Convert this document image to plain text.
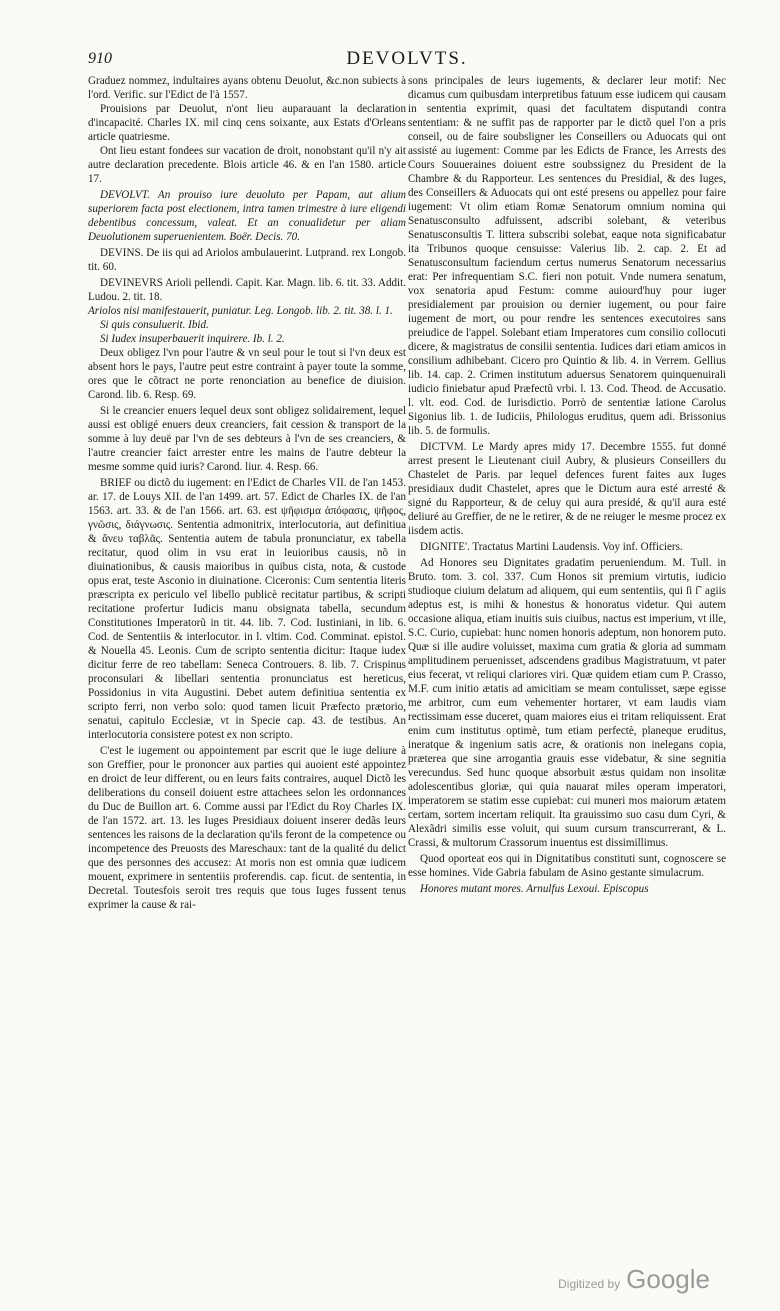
910	DEVOLVTS.

Graduez nommez, indultaires ayans obtenu Deuolut, &c.non subiects à l'ord. Verific. sur l'Edict de l'à 1557.

Prouisions par Deuolut, n'ont lieu auparauant la declaration d'incapacité. Charles IX. mil cinq cens soixante, aux Estats d'Orleans article quatriesme.

Ont lieu estant fondees sur vacation de droit, nonobstant qu'il n'y ait autre declaration precedente. Blois article 46. & en l'an 1580. article 17.

DEVOLVT. An prouiso iure deuoluto per Papam, aut alium superiorem facta post electionem, intra tamen trimestre à iure eligendi debentibus concessum, valeat. Et an conualidetur per aliam Deuolutionem superuenientem. Boër. Decis. 70.

DEVINS. De iis qui ad Ariolos ambulauerint. Lutprand. rex Longob. tit. 60.

DEVINEVRS Arioli pellendi. Capit. Kar. Magn. lib. 6. tit. 33. Addit. Ludou. 2. tit. 18.

Ariolos nisi manifestauerit, puniatur. Leg. Longob. lib. 2. tit. 38. l. 1.

Si quis consuluerit. Ibid.

Si Iudex insuperbauerit inquirere. Ib. l. 2.

Deux obligez l'vn pour l'autre & vn seul pour le tout si l'vn deux est absent hors le pays, l'autre peut estre contraint à payer toute la somme, ores que le cõtract ne porte renonciation au benefice de diuision. Carond. lib. 6. Resp. 69.

Si le creancier enuers lequel deux sont obligez solidairement, lequel aussi est obligé enuers deux creanciers, fait cession & transport de la somme à luy deuë par l'vn de ses debteurs à l'vn de ses creanciers, & l'autre creancier faict arrester entre les mains de l'autre debteur la mesme somme quid iuris? Carond. liur. 4. Resp. 66.

BRIEF ou dictõ du iugement: en l'Edict de Charles VII. de l'an 1453. ar. 17. de Louys XII. de l'an 1499. art. 57. Edict de Charles IX. de l'an 1563. art. 33. & de l'an 1566. art. 63. est ψῆφισμα ἀπόφασις, ψῆφος, γνῶσις, διάγνωσις. Sententia admonitrix, interlocutoria, aut definitiua & ἄνευ ταβλᾶς. Sententia autem de tabula pronunciatur, ex tabella recitatur, quod olim in vsu erat in leuioribus causis, nõ in diuinationibus, & causis maioribus in quibus cista, nota, & custode opus erat, teste Asconio in diuinatione. Ciceronis: Cum sententia literis præscripta ex periculo vel libello publicè recitatur partibus, & scripti recitatione profertur Iudicis manu obsignata tabella, secundum Constitutiones Imperatorũ in tit. 44. lib. 7. Cod. Iustiniani, in lib. 6. Cod. de Sententiis & interlocutor. in l. vltim. Cod. Comminat. epistol. & Nouella 45. Leonis. Cum de scripto sententia dicitur: Itaque iudex dicitur ferre de reo tabellam: Seneca Controuers. 8. lib. 7. Crispinus proconsulari & libellari sententia pronunciatus est hereticus, Possidonius in vita Augustini. Debet autem definitiua sententia ex scripto ferri, non verbo solo: quod tamen licuit Præfecto prætorio, senatui, capitulo Ecclesiæ, vt in Specie cap. 43. de testibus. An interlocutoria consistere potest ex non scripto.

C'est le iugement ou appointement par escrit que le iuge deliure à son Greffier, pour le prononcer aux parties qui auoient esté appointez en droict de leur different, ou en leurs faits contraires, auquel Dictõ les deliberations du conseil doiuent estre attachees selon les ordonnances du Duc de Buillon art. 6. Comme aussi par l'Edict du Roy Charles IX. de l'an 1572. art. 13. les Iuges Presidiaux doiuent inserer dedãs leurs sentences les raisons de la declaration qu'ils feront de la competence ou incompetence des Preuosts des Mareschaux: tant de la qualité du delict que des personnes des accusez: At moris non est omnia quæ iudicem mouent, exprimere in sententiis proferendis. cap. ficut. de sententia, in Decretal. Toutesfois seroit tres requis que tous Iuges fussent tenus exprimer la cause & rai-

sons principales de leurs iugements, & declarer leur motif: Nec dicamus cum quibusdam interpretibus fatuum esse iudicem qui causam in sententia exprimit, quasi det facultatem disputandi contra sententiam: & ne suffit pas de rapporter par le dictõ quel l'on a pris conseil, ou de faire soubsligner les Conseillers ou Aduocats qui ont assisté au iugement: Comme par les Edicts de France, les Arrests des Cours Souueraines doiuent estre soubssignez du President de la Chambre & du Rapporteur. Les sentences du Presidial, & des Iuges, des Conseillers & Aduocats qui ont esté presens ou appellez pour faire iugement: Vt olim etiam Romæ Senatorum omnium nomina qui Senatusconsulto adfuissent, adscribi solebant, & veteribus Senatusconsultis T. littera subscribi solebat, eaque nota significabatur ita Tribunos quoque censuisse: Valerius lib. 2. cap. 2. Et ad Senatusconsultum faciendum certus numerus Senatorum necessarius erat: Per infrequentiam S.C. fieri non potuit. Vnde numera senatum, vox senatoria apud Festum: comme auiourd'huy pour iuger presidialement par prouision ou dernier iugement, ou pour faire iugement de mort, ou pour rendre les sentences executoires sans preiudice de l'appel. Solebant etiam Imperatores cum consilio collocuti dicere, & magistratus de consilii sententia. Iudices dari etiam amicos in consilium adhibebant. Cicero pro Quintio & lib. 4. in Verrem. Gellius lib. 14. cap. 2. Crimen institutum aduersus Senatorem quinquenuirali iudicio finiebatur apud Præfectũ vrbi. l. 13. Cod. Theod. de Accusatio. l. vlt. eod. Cod. de Iurisdictio. Porrò de sententiæ latione Carolus Sigonius lib. 1. de Iudiciis, Philologus eruditus, quem adi. Brissonius lib. 5. de formulis.

DICTVM. Le Mardy apres midy 17. Decembre 1555. fut donné arrest present le Lieutenant ciuil Aubry, & plusieurs Conseillers du Chastelet de Paris. par lequel defences furent faites aux Iuges presidiaux dudit Chastelet, apres que le Dictum aura esté arresté & signé du Rapporteur, & de celuy qui aura presidé, & qu'il aura esté deliuré au Greffier, de ne le retirer, & de ne reiuger le mesme procez ex iisdem actis.

DIGNITE'. Tractatus Martini Laudensis. Voy inf. Officiers.

Ad Honores seu Dignitates gradatim perueniendum. M. Tull. in Bruto. tom. 3. col. 337. Cum Honos sit premium virtutis, iudicio studioque ciuium delatum ad aliquem, qui eum sententiis, qui ſi ſ˜ agiis adeptus est, is mihi & honestus & honoratus videtur. Qui autem occasione aliqua, etiam inuitis suis ciuibus, nactus est imperium, vt ille, S.C. Curio, cupiebat: hunc nomen honoris adeptum, non honorem puto. Quæ si ille audire voluisset, maxima cum gratia & gloria ad summam amplitudinem peruenisset, adscendens gradibus Magistratuum, vt pater eius fecerat, vt reliqui clariores viri. Quæ quidem etiam cum P. Crasso, M.F. cum initio ætatis ad amicitiam se meam contulisset, sæpe egisse me arbitror, cum eum vehementer hortarer, vt eam laudis viam rectissimam esse duceret, quam maiores eius ei tritam reliquissent. Erat enim cum institutus optimè, tum etiam perfectè, planeque eruditus, ineratque & ingenium satis acre, & orationis non inelegans copia, præterea que sine arrogantia grauis esse videbatur, & sine segnitia verecundus. Sed hunc quoque absorbuit æstus quidam non insolitæ adolescentibus gloriæ, qui quia nauarat miles operam imperatori, imperatorem se statim esse cupiebat: cui muneri mos maiorum ætatem certam, sortem incertam reliquit. Ita grauissimo suo casu dum Cyri, & Alexãdri similis esse voluit, qui suum cursum transcurrerant, & L. Crassi, & multorum Crassorum inuentus est dissimillimus.

Quod oporteat eos qui in Dignitatibus constituti sunt, cognoscere se esse homines. Vide Gabria fabulam de Asino gestante simulacrum.

Honores mutant mores. Arnulfus Lexoui. Episcopus

Digitized by Google
